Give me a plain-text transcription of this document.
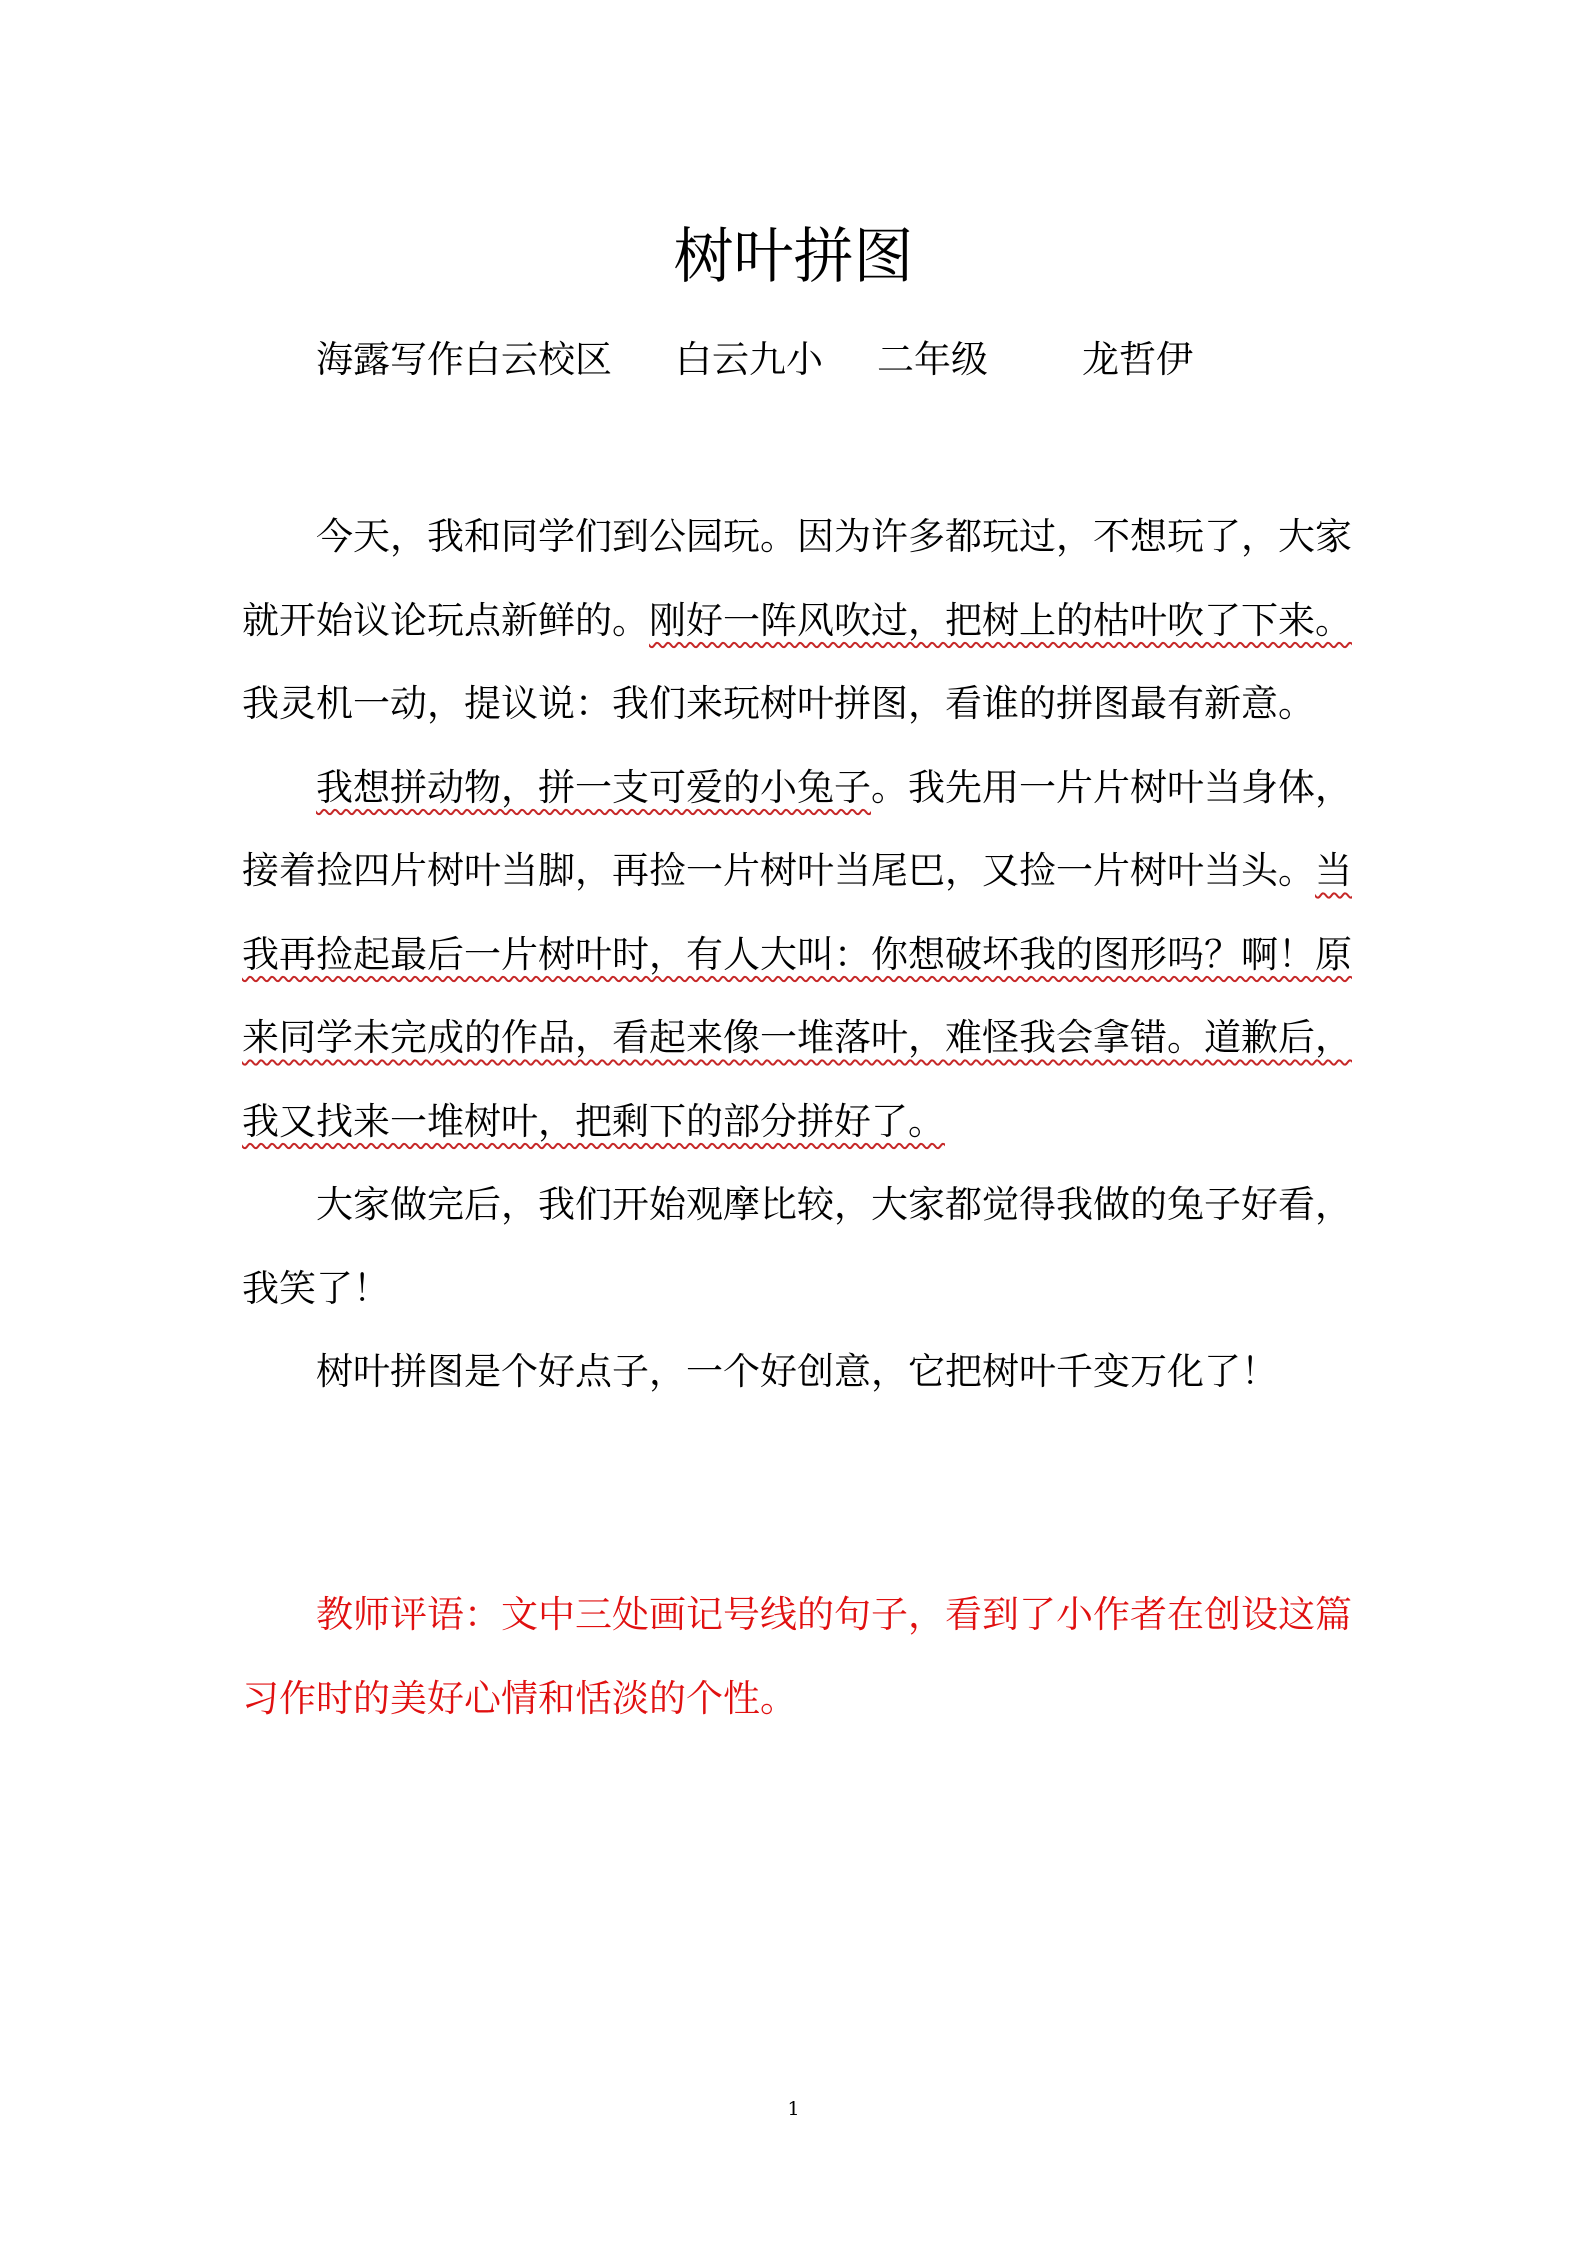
树叶拼图
海露写作白云校区 白云九小 二年级	龙哲伊

今天，我和同学们到公园玩。因为许多都玩过，不想玩了，大家就开始议论玩点新鲜的。刚好一阵风吹过，把树上的枯叶吹了下来。我灵机一动，提议说：我们来玩树叶拼图，看谁的拼图最有新意。

我想拼动物，拼一支可爱的小兔子。我先用一片片树叶当身体，接着捡四片树叶当脚，再捡一片树叶当尾巴，又捡一片树叶当头。当我再捡起最后一片树叶时，有人大叫：你想破坏我的图形吗？啊！原来同学未完成的作品，看起来像一堆落叶，难怪我会拿错。道歉后，我又找来一堆树叶，把剩下的部分拼好了。

大家做完后，我们开始观摩比较，大家都觉得我做的兔子好看，我笑了！

树叶拼图是个好点子，一个好创意，它把树叶千变万化了！

教师评语：文中三处画记号线的句子，看到了小作者在创设这篇习作时的美好心情和恬淡的个性。

1
